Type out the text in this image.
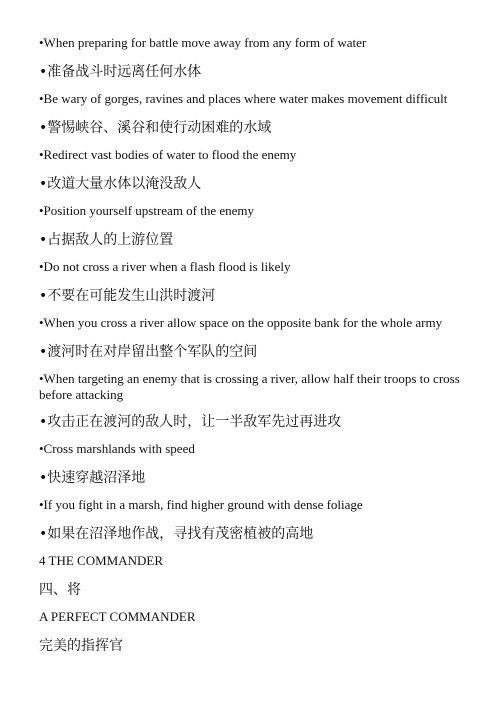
•When preparing for battle move away from any form of water

•准备战斗时远离任何水体

•Be wary of gorges, ravines and places where water makes movement difficult

•警惕峡谷、溪谷和使行动困难的水域

•Redirect vast bodies of water to flood the enemy

•改道大量水体以淹没敌人

•Position yourself upstream of the enemy

•占据敌人的上游位置

•Do not cross a river when a flash flood is likely

•不要在可能发生山洪时渡河

•When you cross a river allow space on the opposite bank for the whole army

•渡河时在对岸留出整个军队的空间

•When targeting an enemy that is crossing a river, allow half their troops to cross before attacking

•攻击正在渡河的敌人时，让一半敌军先过再进攻

•Cross marshlands with speed

•快速穿越沼泽地

•If you fight in a marsh, find higher ground with dense foliage

•如果在沼泽地作战，寻找有茂密植被的高地

4 THE COMMANDER

四、将

A PERFECT COMMANDER

完美的指挥官
